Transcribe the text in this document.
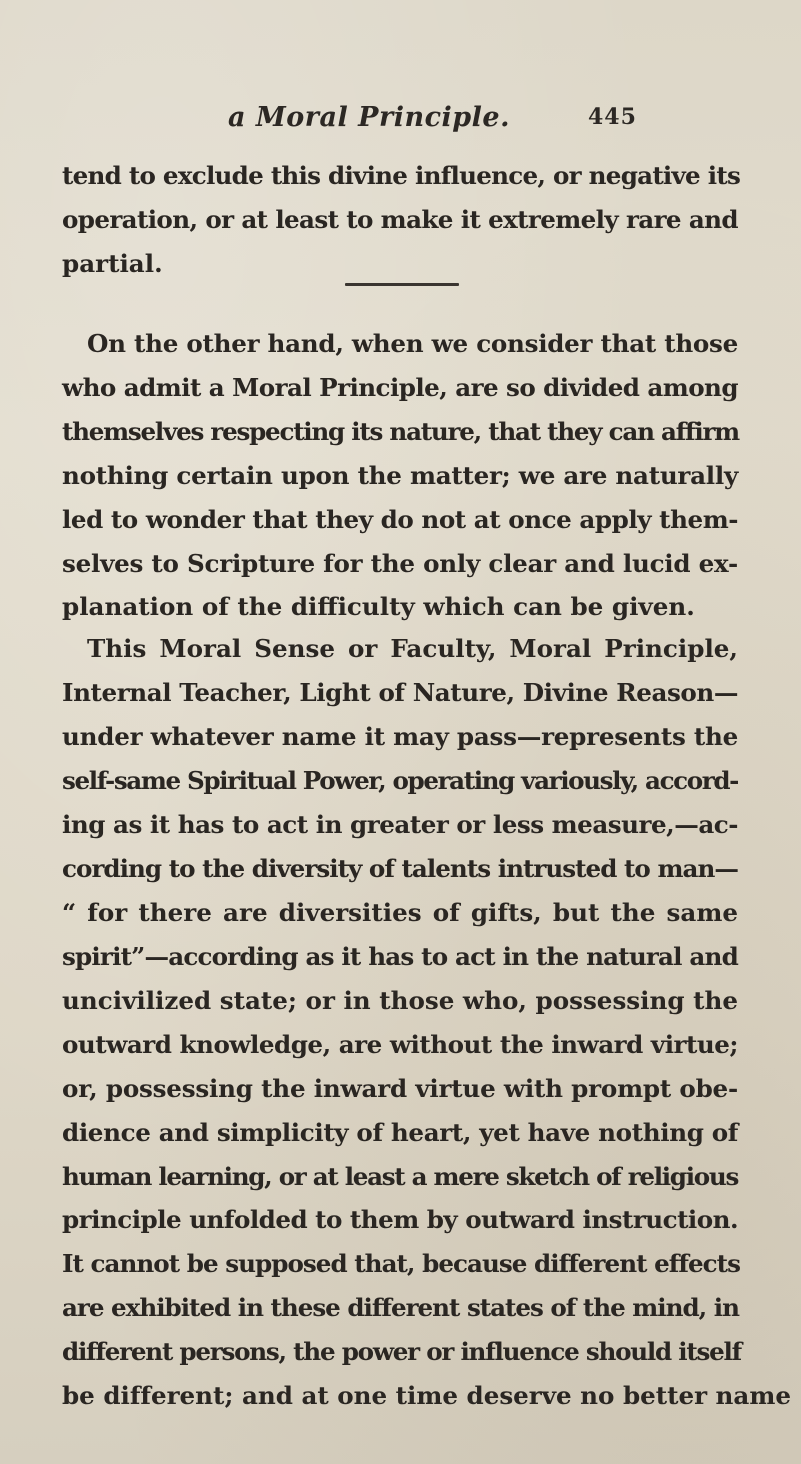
a Moral Principle.	445
tend to exclude this divine influence, or negative its
operation, or at least to make it extremely rare and
partial.
On the other hand, when we consider that those
who admit a Moral Principle, are so divided among
themselves respecting its nature, that they can affirm
nothing certain upon the matter; we are naturally
led to wonder that they do not at once apply them-
selves to Scripture for the only clear and lucid ex-
planation of the difficulty which can be given.
This Moral Sense or Faculty, Moral Principle,
Internal Teacher, Light of Nature, Divine Reason—
under whatever name it may pass—represents the
self-same Spiritual Power, operating variously, accord-
ing as it has to act in greater or less measure,—ac-
cording to the diversity of talents intrusted to man—
“ for there are diversities of gifts, but the same
spirit”—according as it has to act in the natural and
uncivilized state; or in those who, possessing the
outward knowledge, are without the inward virtue;
or, possessing the inward virtue with prompt obe-
dience and simplicity of heart, yet have nothing of
human learning, or at least a mere sketch of religious
principle unfolded to them by outward instruction.
It cannot be supposed that, because different effects
are exhibited in these different states of the mind, in
different persons, the power or influence should itself
be different; and at one time deserve no better name
